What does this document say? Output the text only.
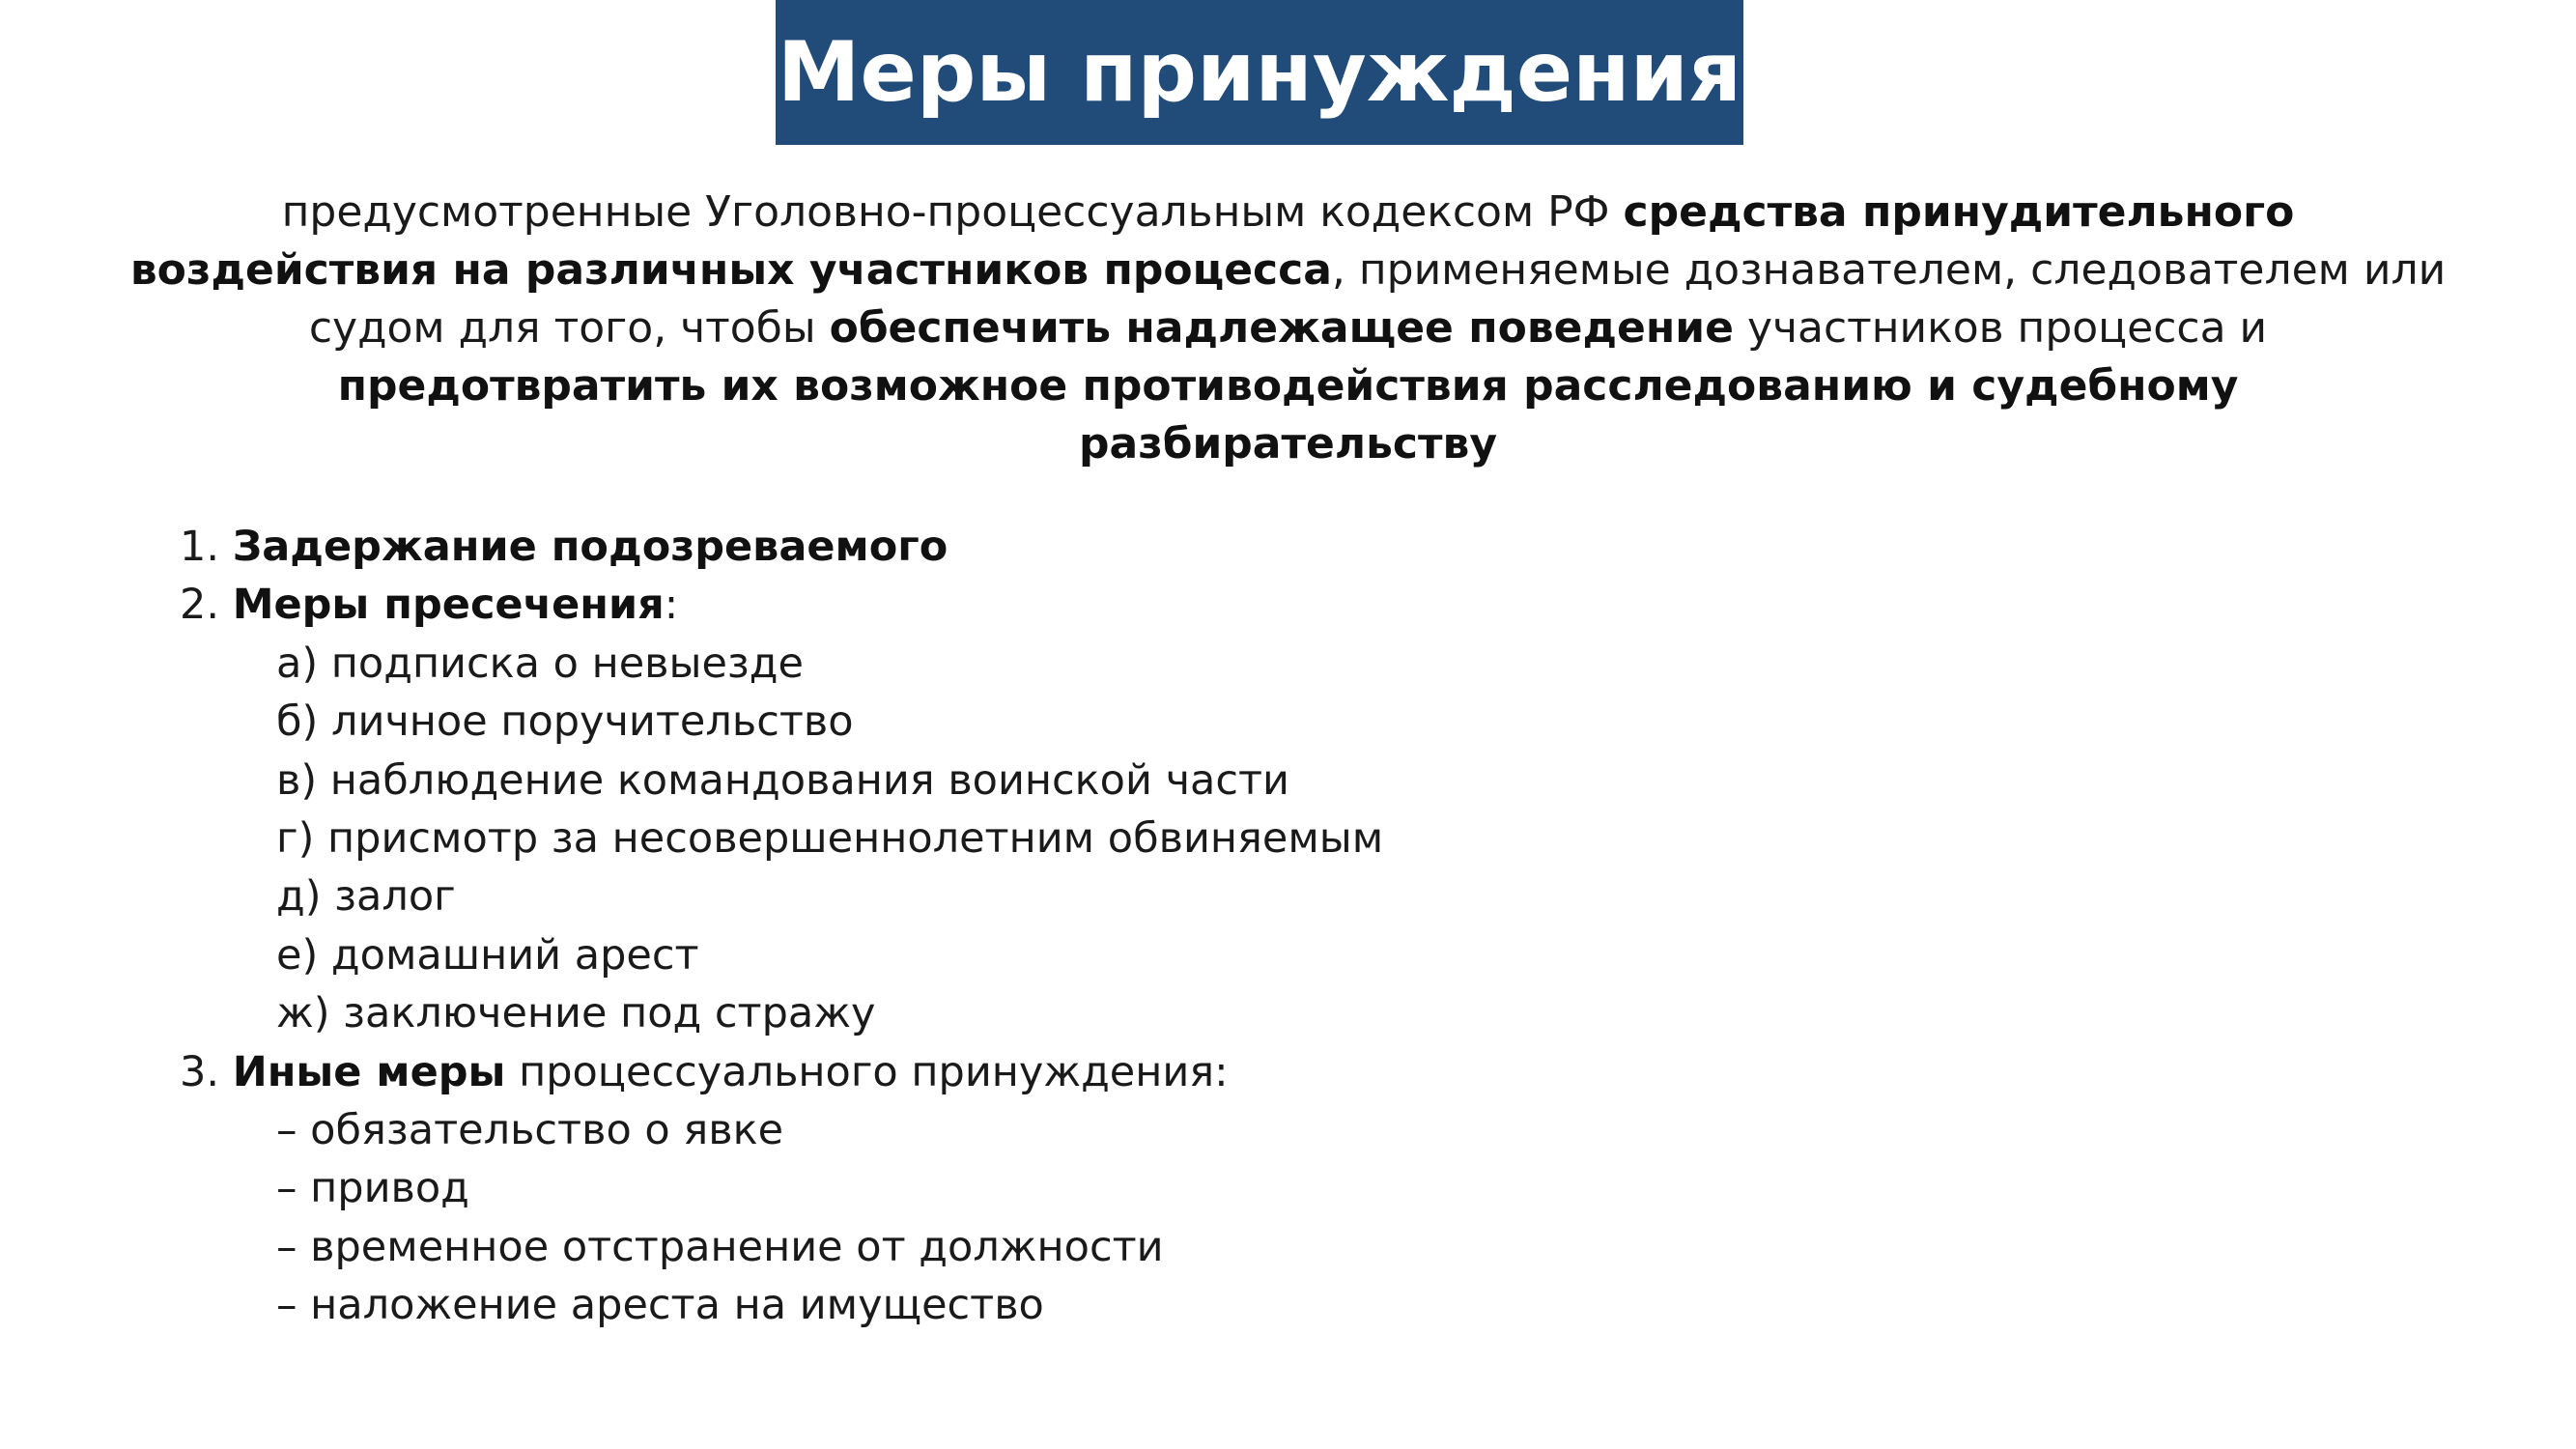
Меры принуждения
предусмотренные Уголовно-процессуальным кодексом РФ средства принудительного воздействия на различных участников процесса, применяемые дознавателем, следователем или судом для того, чтобы обеспечить надлежащее поведение участников процесса и предотвратить их возможное противодействия расследованию и судебному разбирательству
1. Задержание подозреваемого
2. Меры пресечения:
а) подписка о невыезде
б) личное поручительство
в) наблюдение командования воинской части
г) присмотр за несовершеннолетним обвиняемым
д) залог
е) домашний арест
ж) заключение под стражу
3. Иные меры процессуального принуждения:
– обязательство о явке
– привод
– временное отстранение от должности
– наложение ареста на имущество
